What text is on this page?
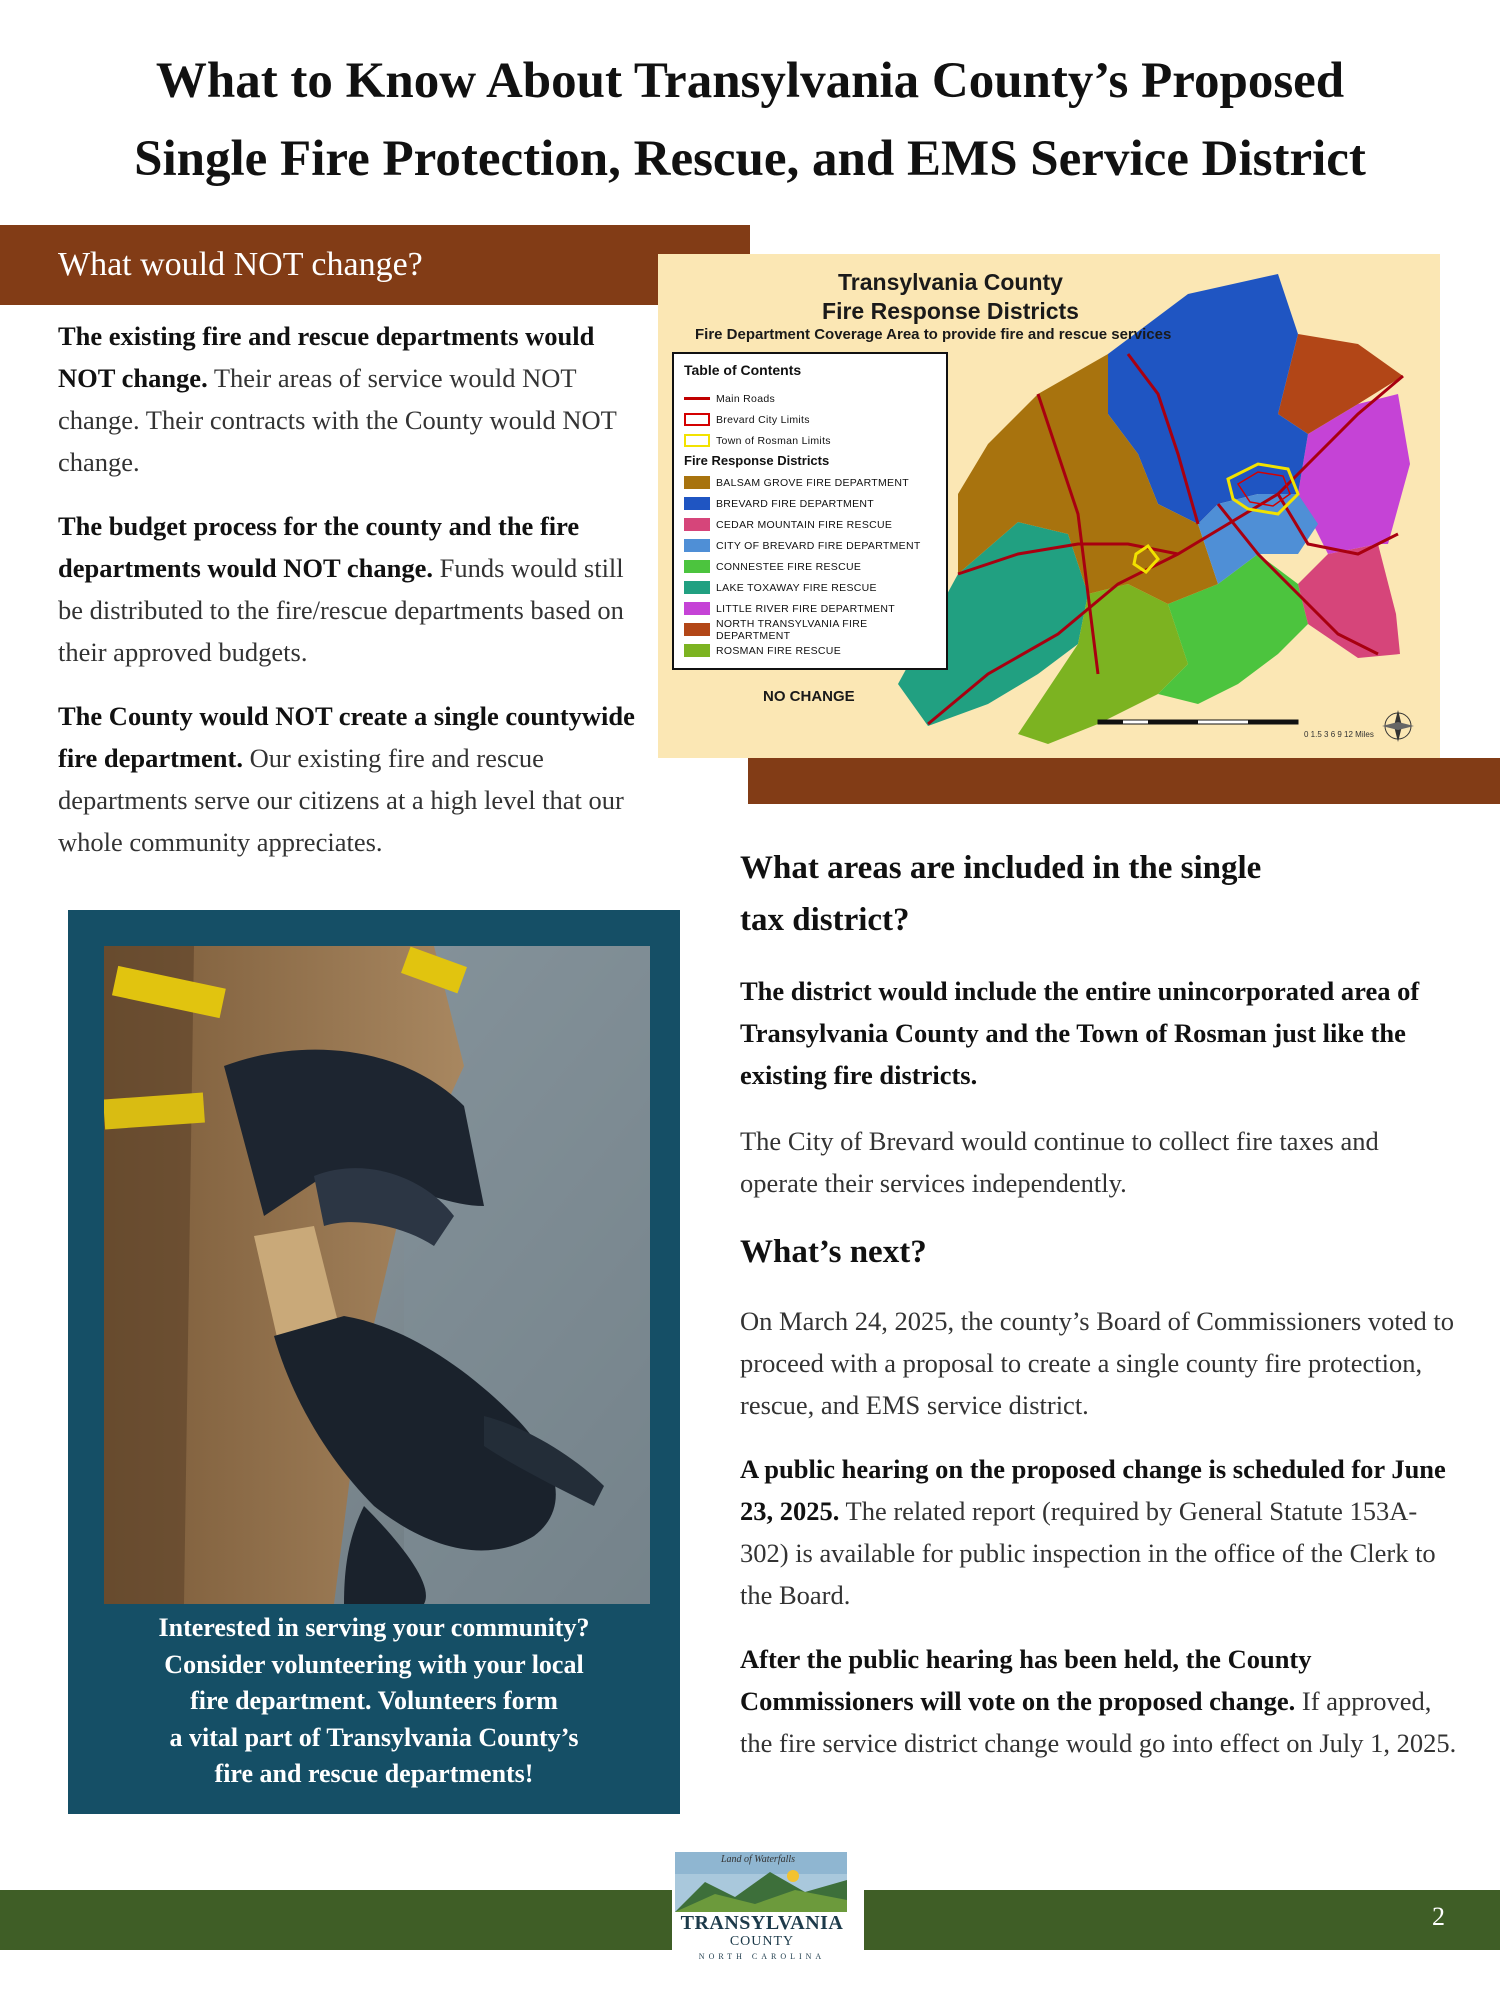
What to Know About Transylvania County’s Proposed
Single Fire Protection, Rescue, and EMS Service District
What would NOT change?

The existing fire and rescue departments would NOT change. Their areas of service would NOT change. Their contracts with the County would NOT change.

The budget process for the county and the fire departments would NOT change. Funds would still be distributed to the fire/rescue departments based on their approved budgets.

The County would NOT create a single countywide fire department. Our existing fire and rescue departments serve our citizens at a high level that our whole community appreciates.

Transylvania County
Fire Response Districts
Fire Department Coverage Area to provide fire and rescue services
Table of Contents
Main Roads
Brevard City Limits
Town of Rosman Limits
Fire Response Districts
BALSAM GROVE FIRE DEPARTMENT
BREVARD FIRE DEPARTMENT
CEDAR MOUNTAIN FIRE RESCUE
CITY OF BREVARD FIRE DEPARTMENT
CONNESTEE FIRE RESCUE
LAKE TOXAWAY FIRE RESCUE
LITTLE RIVER FIRE DEPARTMENT
NORTH TRANSYLVANIA FIRE DEPARTMENT
ROSMAN FIRE RESCUE
NO CHANGE
0 1.5 3 6 9 12 Miles
What areas are included in the single
tax district?

The district would include the entire unincorporated area of Transylvania County and the Town of Rosman just like the existing fire districts.

The City of Brevard would continue to collect fire taxes and operate their services independently.

What’s next?

On March 24, 2025, the county’s Board of Commissioners voted to proceed with a proposal to create a single county fire protection, rescue, and EMS service district.

A public hearing on the proposed change is scheduled for June 23, 2025. The related report (required by General Statute 153A-302) is available for public inspection in the office of the Clerk to the Board.

After the public hearing has been held, the County Commissioners will vote on the proposed change. If approved, the fire service district change would go into effect on July 1, 2025.

Interested in serving your community?
Consider volunteering with your local
fire department. Volunteers form
a vital part of Transylvania County’s
fire and rescue departments!
2
Land of Waterfalls
TRANSYLVANIA
COUNTY
NORTH CAROLINA
